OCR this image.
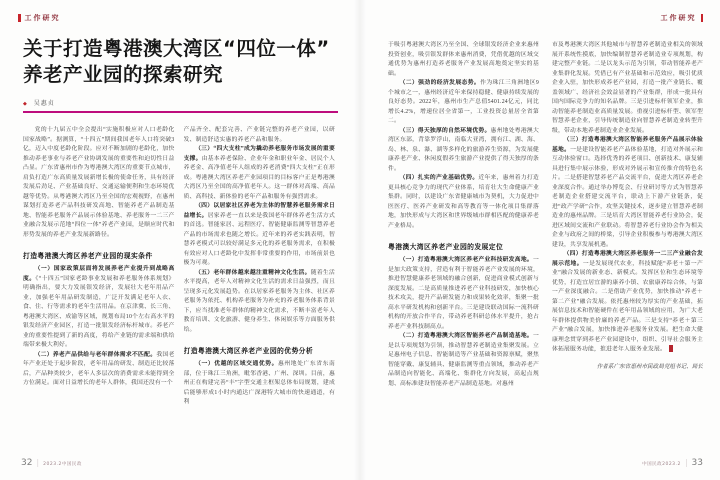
工作研究	工作研究
关于打造粤港澳大湾区“四位一体”
养老产业园的探索研究
◆ 吴惠贞

党的十九届五中全会提出“实施积极应对人口老龄化国家战略”。据测算，“十四五”期间我国老年人口将突破3亿，迈入中度老龄化阶段。应对不断加剧的老龄化，加快推动养老事业与养老产业协调发展的重要性和迫切性日益凸显。广东省惠州市作为粤港澳大湾区的重要节点城市，肩负打造广东高质量发展新增长极的使命任务，具有经济发展后劲足、产业基础良好、交通运输便利和生态环境优越等优势。从粤港澳大湾区乃至全国的宏观视野，在惠州谋划打造养老产品科技研发高地、智能养老产品制造基地、智能养老服务产品展示体验基地、养老服务一二三产业融合发展示范地“四位一体”养老产业园，是顺应时代和形势发展的养老产业发展新路径。

打造粤港澳大湾区养老产业园的现实条件

（一）国家政策层面将发展养老产业提升到战略高度。《“十四五”国家老龄事业发展和养老服务体系规划》明确指出，要大力发展银发经济，发展壮大老年用品产业，加强老年用品研发制造，广泛开发满足老年人衣、食、住、行等需求的老年生活用品。在京津冀、长三角、粤港澳大湾区、成渝等区域，规划布局10个左右高水平的银发经济产业园区，打造一批银发经济标杆城市。养老产业的重要性提到了新的高度，将给产业链的需求端和供给端带来极大利好。

（二）养老产品供给与老年群体需求不匹配。我国老年产业还处于起步阶段，老年用品的研发、制造还比较落后，产品种类较少，老年人多层次的消费需求未能得到全方位满足。面对日益增长的老年人群体，我国还没有一个

产品齐全、配套完善、产业链完整的养老产业园，以研发、制造舒适实惠的养老产品和服务。

（三）“四大支柱”成为撬动养老服务市场发展的重要支撑。由基本养老保险、企业年金和职业年金、居民个人养老金、高净值老年人组成的养老消费“四大支柱”正在形成。粤港澳大湾区养老产业园项目的目标客户正是粤港澳大湾区乃至全国的高净值老年人。这一群体对高端、高品质、高科技、新体验的老年产品和服务有强烈需求。

（四）以居家社区养老为主体的智慧养老服务需求日益增长。居家养老一直以来是我国老年群体养老生活方式的首选。智能家居、远程医疗、智能健康监测等智慧养老产品的市场需求也随之增长。近年来的养老实践表明，智慧养老模式可以较好满足多元化的养老服务需求，在积极有效应对人口老龄化中发挥非常重要的作用，市场前景也极为可观。

（五）老年群体越来越注重精神文化生活。随着生活水平提高，老年人对精神文化生活的需求日益强烈，而且呈现多元化发展趋势。在以居家养老服务为主体、社区养老服务为依托、机构养老服务为补充的养老服务体系背景下，应当找准老年群体的精神文化需求，不断丰富老年人教育培训、文化旅游、健身养生、休闲娱乐等方面服务供给。

打造粤港澳大湾区养老产业园的优势分析

（一）优越的区域交通优势。惠州地处广东省东南部，位于珠江三角洲，毗邻香港、广州、深圳。目前，惠州正在构建完善“丰”字型交通主框架总体布局规划，建成后能够形成1小时内通达广深港特大城市的快速通道，有利

于吸引粤港澳大湾区乃至全国、全球银发经济企业来惠州投资创业，吸引银发群体来惠州消费，凭借优越的区域交通优势为惠州打造养老服务产业发展高地奠定坚实的基础。

（二）强劲的经济发展态势。作为珠江三角洲地区9个城市之一，惠州经济近年来保持稳健、健康持续发展的良好态势。2022年，惠州市生产总值5401.24亿元，同比增长4.2%，增速位居全省第一，工业投资总量居全省第二。

（三）得天独厚的自然环境优势。惠州地处粤港澳大湾区东部，背靠罗浮山，南临大亚湾，拥有江、湖、海、岛、林、泉、瀑、湖等多样化的旅游养生资源，为发展健康养老产业、休闲度假养生旅游产业提供了得天独厚的条件。

（四）扎实的产业基础优势。近年来，惠州着力打造更具核心竞争力的现代产业体系，培育壮大生命健康产业集群。同时，以建设广东省健康城市为契机，大力促进中医医疗、医养产业研发和高等教育等一体化项目集群落地，加快形成与大湾区和世界级城市群相匹配的健康养老产业格局。

粤港澳大湾区养老产业园的发展定位

（一）打造粤港澳大湾区养老产业科技研发高地。一是加大政策支持，营造有利于智能养老产业发展的环境，推进智慧健康养老领域的融合创新，促进商业模式创新与深度发展。二是高质量推进养老产业科技研发，加快核心技术攻关，提升产品研发能力和成果转化效率，集聚一批高水平研发机构和创新平台。三是建设联动国际一流科研机构的开放合作平台，带动养老科研总体水平提升，抢占养老产业科技制高点。

（二）打造粤港澳大湾区智能养老产品制造基地。一是以专项规划为引领，推动智慧养老制造业集聚发展。立足惠州电子信息、智能制造等产业基础和资源禀赋，聚焦智能穿戴、康复辅具、健康监测等重点领域，推动养老产品制造向智能化、高端化、集群化方向发展，高起点规划、高标准建设智能养老产品制造基地。对惠州

市及粤港澳大湾区其他城市与智慧养老制造业相关的领域展开系统性摸底，加快编制智慧养老制造业专项规划，构建完整产业链。二是以龙头示范为引领，带动智能养老产业集群化发展。凭借已有产业基础和示范效应，吸引优质企业入驻，加快形成养老产业园，打造一批产业链长、覆盖领域广、经济社会效益显著的产业集群，形成一批具有国内国际竞争力的知名品牌。三是引进标杆领军企业，推动智能养老制造业高质量发展。重视引进标杆型、领军型智慧养老企业，引导传统制造业向智慧养老制造业转型升级，带动本地养老制造业企业发展。

（三）打造粤港澳大湾区智能养老服务产品展示体验基地。一是建设智能养老产品体验基地，打造对外展示和互动体验窗口。选择优秀的养老项目、创新技术、康复辅具进行集中展示体验，形成对外展示和宣传推介的特色名片。二是搭建智慧养老产品交流平台，促进大湾区养老企业深度合作。通过举办博览会、行业研讨等方式为智慧养老制造企业搭建交流平台，联动上下游产业链条，促进“政产学研”合作，攻坚关键技术，逐步建立智慧养老制造业的惠州品牌。三是培育大湾区智能养老行业协会，促进区域间交流和产业联动。将智慧养老行业协会作为相关企业与政府之间的桥梁，引导企业积极参与粤港澳大湾区建设，共享发展机遇。

（四）打造粤港澳大湾区养老服务一二三产业融合发展示范地。一是发展现代农业，科技赋能“养老＋第一产业”融合发展的新业态、新模式。发挥区位和生态环境等优势，打造宜居宜游的康养小镇、农旅康养综合体，与第一产业深度融合。二是借助产业优势，加快推动“养老＋第二产业”融合发展。依托惠州较为厚实的产业基础，拓展信息技术和智能硬件在老年用品领域的应用，为广大老年群体提供物美价廉的养老产品。三是支持“养老＋第三产业”融合发展，加快推进养老服务业发展。把生命大健康理念贯穿到养老产业园建设中，组织、引导社会服务主体拓展服务功能，推进老年人服务业发展。

作者系广东省惠州市民政局党组书记、局长
32 | 2023.2中国民政	中国民政2023.2 | 33
